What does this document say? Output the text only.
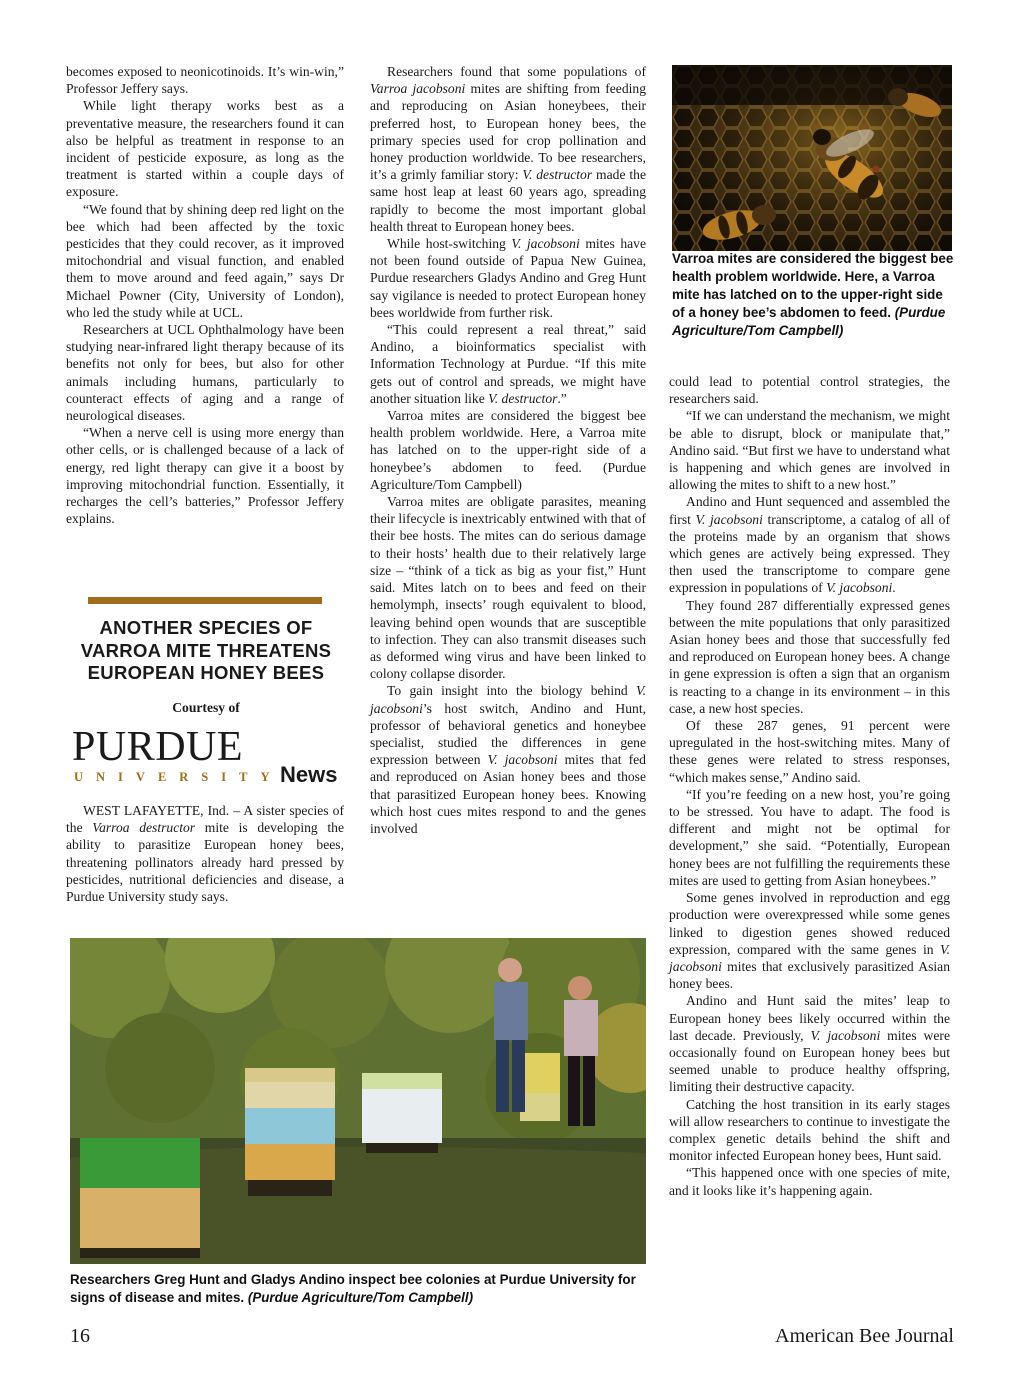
becomes exposed to neonicotinoids. It’s win-win,” Professor Jeffery says.

While light therapy works best as a preventative measure, the researchers found it can also be helpful as treatment in response to an incident of pesticide exposure, as long as the treatment is started within a couple days of exposure.

“We found that by shining deep red light on the bee which had been affected by the toxic pesticides that they could recover, as it improved mitochondrial and visual function, and enabled them to move around and feed again,” says Dr Michael Powner (City, University of London), who led the study while at UCL.

Researchers at UCL Ophthalmology have been studying near-infrared light therapy because of its benefits not only for bees, but also for other animals including humans, particularly to counteract effects of aging and a range of neurological diseases.

“When a nerve cell is using more energy than other cells, or is challenged because of a lack of energy, red light therapy can give it a boost by improving mitochondrial function. Essentially, it recharges the cell’s batteries,” Professor Jeffery explains.

ANOTHER SPECIES OF VARROA MITE THREATENS EUROPEAN HONEY BEES
Courtesy of
PURDUE
UNIVERSITY
News

WEST LAFAYETTE, Ind. – A sister species of the Varroa destructor mite is developing the ability to parasitize European honey bees, threatening pollinators already hard pressed by pesticides, nutritional deficiencies and disease, a Purdue University study says.

Researchers found that some populations of Varroa jacobsoni mites are shifting from feeding and reproducing on Asian honeybees, their preferred host, to European honey bees, the primary species used for crop pollination and honey production worldwide. To bee researchers, it’s a grimly familiar story: V. destructor made the same host leap at least 60 years ago, spreading rapidly to become the most important global health threat to European honey bees.

While host-switching V. jacobsoni mites have not been found outside of Papua New Guinea, Purdue researchers Gladys Andino and Greg Hunt say vigilance is needed to protect European honey bees worldwide from further risk.

“This could represent a real threat,” said Andino, a bioinformatics specialist with Information Technology at Purdue. “If this mite gets out of control and spreads, we might have another situation like V. destructor.”

Varroa mites are considered the biggest bee health problem worldwide. Here, a Varroa mite has latched on to the upper-right side of a honeybee’s abdomen to feed. (Purdue Agriculture/Tom Campbell)

Varroa mites are obligate parasites, meaning their lifecycle is inextricably entwined with that of their bee hosts. The mites can do serious damage to their hosts’ health due to their relatively large size – “think of a tick as big as your fist,” Hunt said. Mites latch on to bees and feed on their hemolymph, insects’ rough equivalent to blood, leaving behind open wounds that are susceptible to infection. They can also transmit diseases such as deformed wing virus and have been linked to colony collapse disorder.

To gain insight into the biology behind V. jacobsoni’s host switch, Andino and Hunt, professor of behavioral genetics and honeybee specialist, studied the differences in gene expression between V. jacobsoni mites that fed and reproduced on Asian honey bees and those that parasitized European honey bees. Knowing which host cues mites respond to and the genes involved

Varroa mites are considered the biggest bee health problem worldwide. Here, a Varroa mite has latched on to the upper-right side of a honey bee’s abdomen to feed. (Purdue Agriculture/Tom Campbell)

could lead to potential control strategies, the researchers said.

“If we can understand the mechanism, we might be able to disrupt, block or manipulate that,” Andino said. “But first we have to understand what is happening and which genes are involved in allowing the mites to shift to a new host.”

Andino and Hunt sequenced and assembled the first V. jacobsoni transcriptome, a catalog of all of the proteins made by an organism that shows which genes are actively being expressed. They then used the transcriptome to compare gene expression in populations of V. jacobsoni.

They found 287 differentially expressed genes between the mite populations that only parasitized Asian honey bees and those that successfully fed and reproduced on European honey bees. A change in gene expression is often a sign that an organism is reacting to a change in its environment – in this case, a new host species.

Of these 287 genes, 91 percent were upregulated in the host-switching mites. Many of these genes were related to stress responses, “which makes sense,” Andino said.

“If you’re feeding on a new host, you’re going to be stressed. You have to adapt. The food is different and might not be optimal for development,” she said. “Potentially, European honey bees are not fulfilling the requirements these mites are used to getting from Asian honeybees.”

Some genes involved in reproduction and egg production were overexpressed while some genes linked to digestion genes showed reduced expression, compared with the same genes in V. jacobsoni mites that exclusively parasitized Asian honey bees.

Andino and Hunt said the mites’ leap to European honey bees likely occurred within the last decade. Previously, V. jacobsoni mites were occasionally found on European honey bees but seemed unable to produce healthy offspring, limiting their destructive capacity.

Catching the host transition in its early stages will allow researchers to continue to investigate the complex genetic details behind the shift and monitor infected European honey bees, Hunt said.

“This happened once with one species of mite, and it looks like it’s happening again.

Researchers Greg Hunt and Gladys Andino inspect bee colonies at Purdue University for signs of disease and mites. (Purdue Agriculture/Tom Campbell)
16	American Bee Journal
